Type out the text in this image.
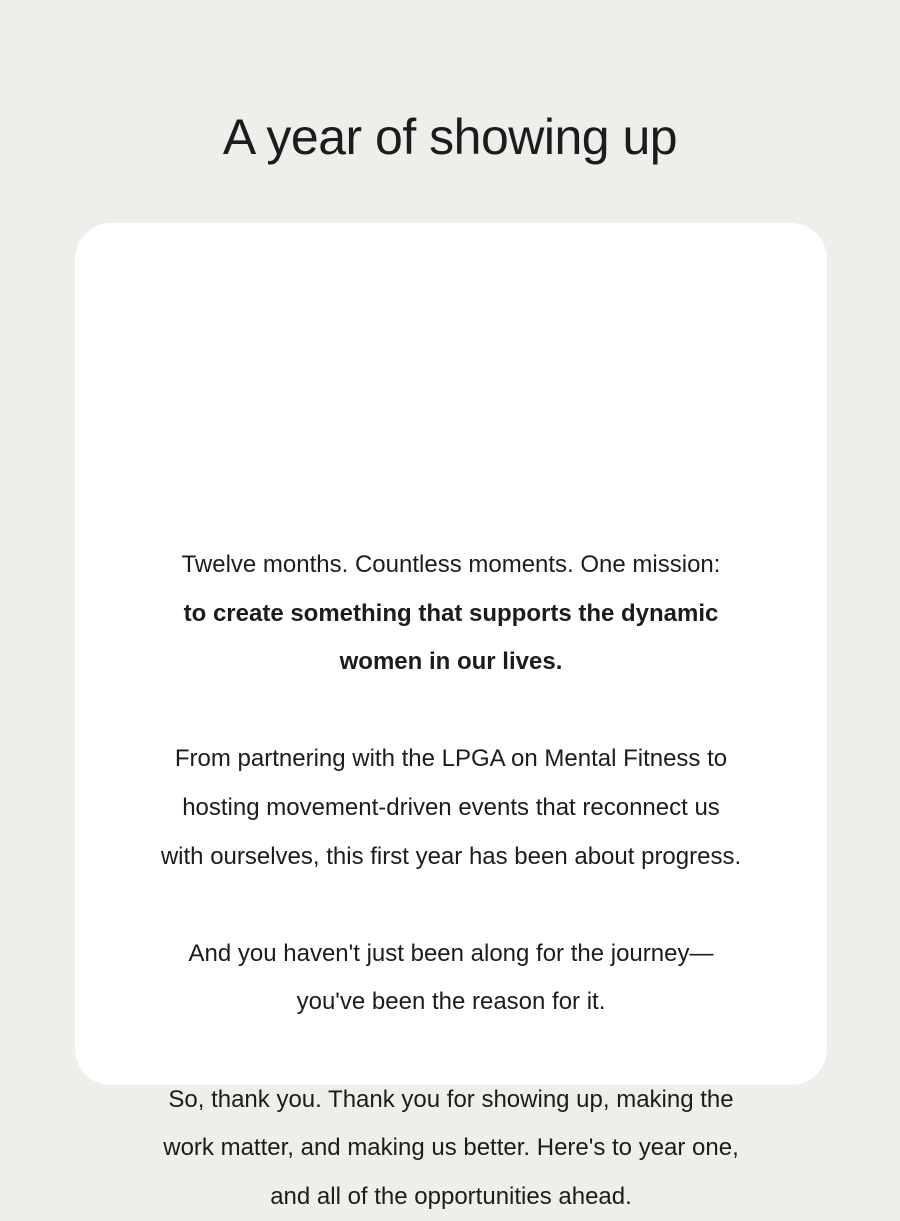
A year of showing up

Twelve months. Countless moments. One mission:
to create something that supports the dynamic
women in our lives.

From partnering with the LPGA on Mental Fitness to
hosting movement-driven events that reconnect us
with ourselves, this first year has been about progress.

And you haven't just been along for the journey—
you've been the reason for it.

So, thank you. Thank you for showing up, making the
work matter, and making us better. Here's to year one,
and all of the opportunities ahead.
